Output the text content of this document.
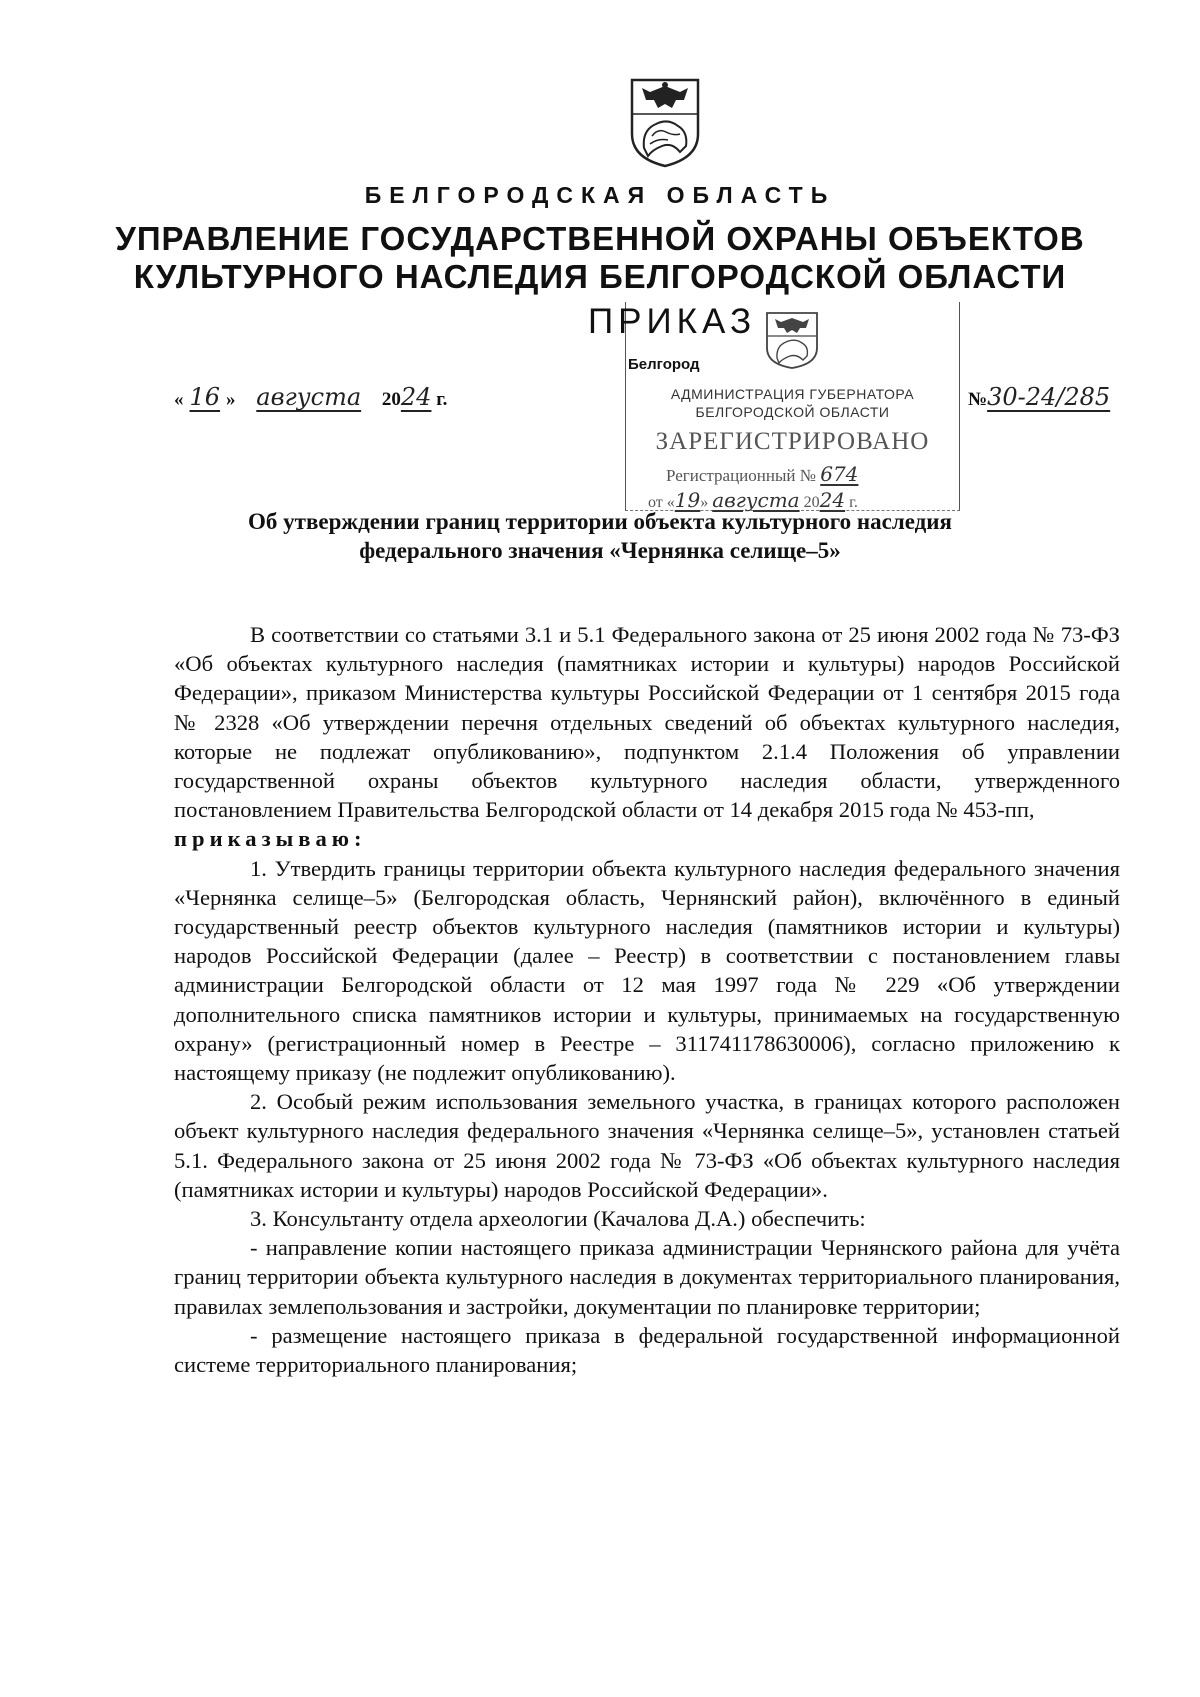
БЕЛГОРОДСКАЯ ОБЛАСТЬ
УПРАВЛЕНИЕ ГОСУДАРСТВЕННОЙ ОХРАНЫ ОБЪЕКТОВ
КУЛЬТУРНОГО НАСЛЕДИЯ БЕЛГОРОДСКОЙ ОБЛАСТИ
АДМИНИСТРАЦИЯ ГУБЕРНАТОРА
БЕЛГОРОДСКОЙ ОБЛАСТИ
ЗАРЕГИСТРИРОВАНО
Регистрационный № 674
от «19» августа 2024 г.
ПРИКАЗ
Белгород
« 16 » августа 2024 г.	№30-24/285
Об утверждении границ территории объекта культурного наследия
федерального значения «Чернянка селище–5»

В соответствии со статьями 3.1 и 5.1 Федерального закона от 25 июня 2002 года № 73-ФЗ «Об объектах культурного наследия (памятниках истории и культуры) народов Российской Федерации», приказом Министерства культуры Российской Федерации от 1 сентября 2015 года № 2328 «Об утверждении перечня отдельных сведений об объектах культурного наследия, которые не подлежат опубликованию», подпунктом 2.1.4 Положения об управлении государственной охраны объектов культурного наследия области, утвержденного постановлением Правительства Белгородской области от 14 декабря 2015 года № 453-пп,

приказываю:

1. Утвердить границы территории объекта культурного наследия федерального значения «Чернянка селище–5» (Белгородская область, Чернянский район), включённого в единый государственный реестр объектов культурного наследия (памятников истории и культуры) народов Российской Федерации (далее – Реестр) в соответствии с постановлением главы администрации Белгородской области от 12 мая 1997 года № 229 «Об утверждении дополнительного списка памятников истории и культуры, принимаемых на государственную охрану» (регистрационный номер в Реестре – 311741178630006), согласно приложению к настоящему приказу (не подлежит опубликованию).

2. Особый режим использования земельного участка, в границах которого расположен объект культурного наследия федерального значения «Чернянка селище–5», установлен статьей 5.1. Федерального закона от 25 июня 2002 года № 73-ФЗ «Об объектах культурного наследия (памятниках истории и культуры) народов Российской Федерации».

3. Консультанту отдела археологии (Качалова Д.А.) обеспечить:

- направление копии настоящего приказа администрации Чернянского района для учёта границ территории объекта культурного наследия в документах территориального планирования, правилах землепользования и застройки, документации по планировке территории;

- размещение настоящего приказа в федеральной государственной информационной системе территориального планирования;
